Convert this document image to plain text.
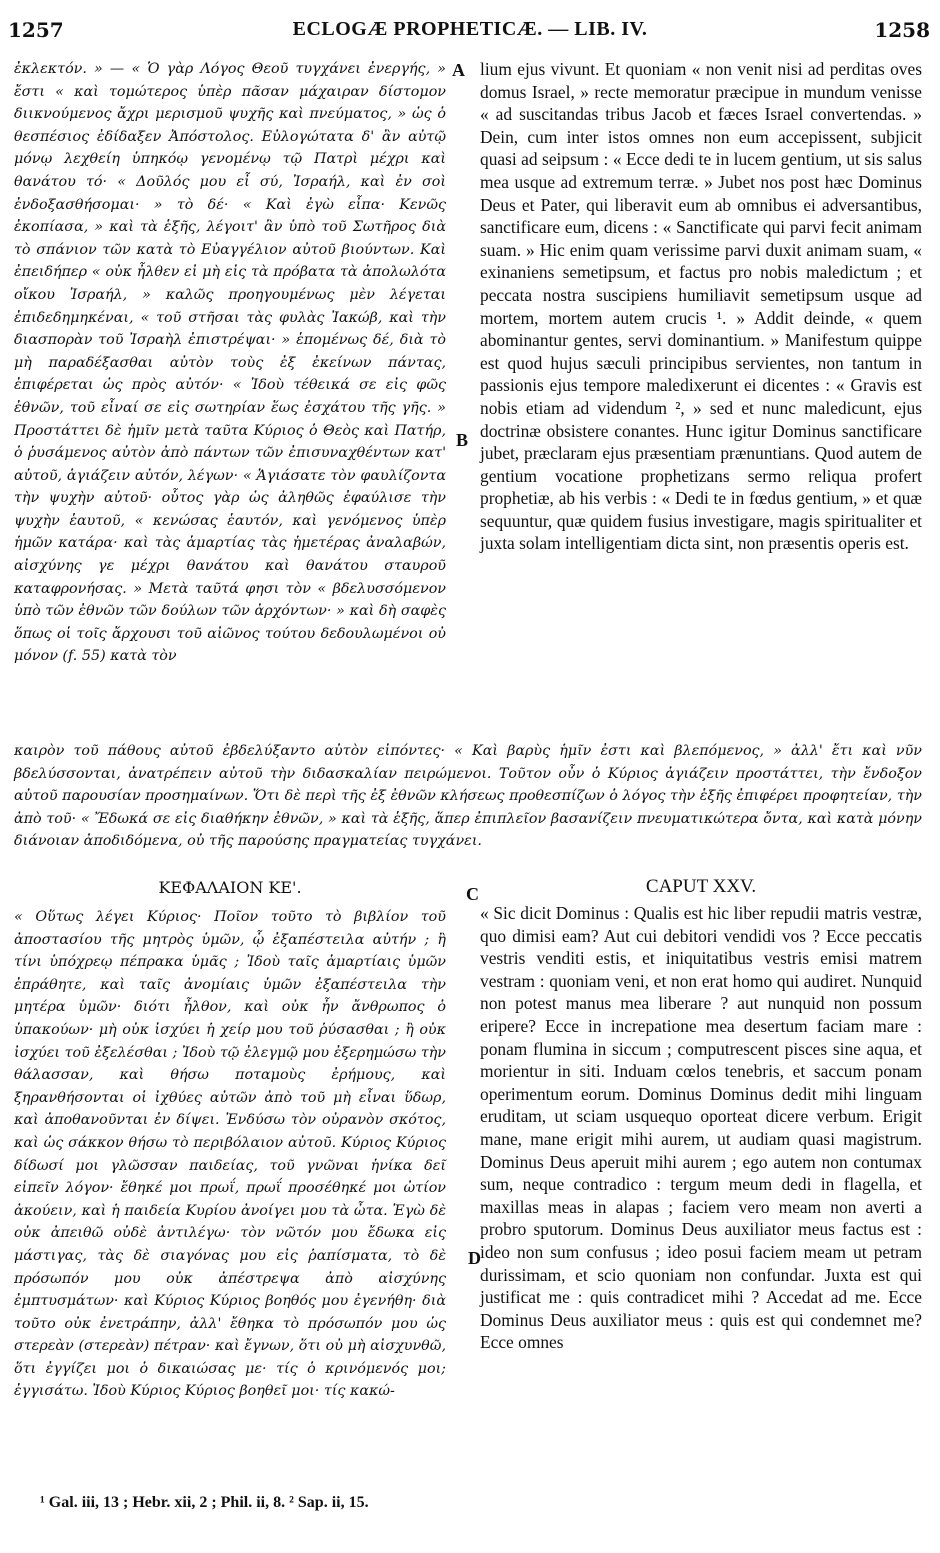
1257	ECLOGÆ PROPHETICÆ. — LIB. IV.	1258

ἐκλεκτόν. » — « Ὁ γὰρ Λόγος Θεοῦ τυγχάνει ἐνεργής, » ἔστι « καὶ τομώτερος ὑπὲρ πᾶσαν μάχαιραν δίστομον διικνούμενος ἄχρι μερισμοῦ ψυχῆς καὶ πνεύματος, » ὡς ὁ θεσπέσιος ἐδίδαξεν Ἀπόστολος. Εὐλογώτατα δ' ἂν αὐτῷ μόνῳ λεχθείη ὑπηκόῳ γενομένῳ τῷ Πατρὶ μέχρι καὶ θανάτου τό· « Δοῦλός μου εἶ σύ, Ἰσραήλ, καὶ ἐν σοὶ ἐνδοξασθήσομαι· » τὸ δέ· « Καὶ ἐγὼ εἶπα· Κενῶς ἐκοπίασα, » καὶ τὰ ἑξῆς, λέγοιτ' ἂν ὑπὸ τοῦ Σωτῆρος διὰ τὸ σπάνιον τῶν κατὰ τὸ Εὐαγγέλιον αὐτοῦ βιούντων. Καὶ ἐπειδήπερ « οὐκ ἦλθεν εἰ μὴ εἰς τὰ πρόβατα τὰ ἀπολωλότα οἴκου Ἰσραήλ, » καλῶς προηγουμένως μὲν λέγεται ἐπιδεδημηκέναι, « τοῦ στῆσαι τὰς φυλὰς Ἰακώβ, καὶ τὴν διασπορὰν τοῦ Ἰσραὴλ ἐπιστρέψαι· » ἑπομένως δέ, διὰ τὸ μὴ παραδέξασθαι αὐτὸν τοὺς ἐξ ἐκείνων πάντας, ἐπιφέρεται ὡς πρὸς αὐτόν· « Ἰδοὺ τέθεικά σε εἰς φῶς ἐθνῶν, τοῦ εἶναί σε εἰς σωτηρίαν ἕως ἐσχάτου τῆς γῆς. » Προστάττει δὲ ἡμῖν μετὰ ταῦτα Κύριος ὁ Θεὸς καὶ Πατήρ, ὁ ῥυσάμενος αὐτὸν ἀπὸ πάντων τῶν ἐπισυναχθέντων κατ' αὐτοῦ, ἁγιάζειν αὐτόν, λέγων· « Ἁγιάσατε τὸν φαυλίζοντα τὴν ψυχὴν αὐτοῦ· οὗτος γὰρ ὡς ἀληθῶς ἐφαύλισε τὴν ψυχὴν ἑαυτοῦ, « κενώσας ἑαυτόν, καὶ γενόμενος ὑπὲρ ἡμῶν κατάρα· καὶ τὰς ἁμαρτίας τὰς ἡμετέρας ἀναλαβών, αἰσχύνης γε μέχρι θανάτου καὶ θανάτου σταυροῦ καταφρονήσας. » Μετὰ ταῦτά φησι τὸν « βδελυσσόμενον ὑπὸ τῶν ἐθνῶν τῶν δούλων τῶν ἀρχόντων· » καὶ δὴ σαφὲς ὅπως οἱ τοῖς ἄρχουσι τοῦ αἰῶνος τούτου δεδουλωμένοι οὐ μόνον (f. 55) κατὰ τὸν

A
B

lium ejus vivunt. Et quoniam « non venit nisi ad perditas oves domus Israel, » recte memoratur præcipue in mundum venisse « ad suscitandas tribus Jacob et fæces Israel convertendas. » Dein, cum inter istos omnes non eum accepissent, subjicit quasi ad seipsum : « Ecce dedi te in lucem gentium, ut sis salus mea usque ad extremum terræ. » Jubet nos post hæc Dominus Deus et Pater, qui liberavit eum ab omnibus ei adversantibus, sanctificare eum, dicens : « Sanctificate qui parvi fecit animam suam. » Hic enim quam verissime parvi duxit animam suam, « exinaniens semetipsum, et factus pro nobis maledictum ; et peccata nostra suscipiens humiliavit semetipsum usque ad mortem, mortem autem crucis ¹. » Addit deinde, « quem abominantur gentes, servi dominantium. » Manifestum quippe est quod hujus sæculi principibus servientes, non tantum in passionis ejus tempore maledixerunt ei dicentes : « Gravis est nobis etiam ad videndum ², » sed et nunc maledicunt, ejus doctrinæ obsistere conantes. Hunc igitur Dominus sanctificare jubet, præclaram ejus præsentiam prænuntians. Quod autem de gentium vocatione prophetizans sermo reliqua profert prophetiæ, ab his verbis : « Dedi te in fœdus gentium, » et quæ sequuntur, quæ quidem fusius investigare, magis spiritualiter et juxta solam intelligentiam dicta sint, non præsentis operis est.

καιρὸν τοῦ πάθους αὐτοῦ ἐβδελύξαντο αὐτὸν εἰπόντες· « Καὶ βαρὺς ἡμῖν ἐστι καὶ βλεπόμενος, » ἀλλ' ἔτι καὶ νῦν βδελύσσονται, ἀνατρέπειν αὐτοῦ τὴν διδασκαλίαν πειρώμενοι. Τοῦτον οὖν ὁ Κύριος ἁγιάζειν προστάττει, τὴν ἔνδοξον αὐτοῦ παρουσίαν προσημαίνων. Ὅτι δὲ περὶ τῆς ἐξ ἐθνῶν κλήσεως προθεσπίζων ὁ λόγος τὴν ἑξῆς ἐπιφέρει προφητείαν, τὴν ἀπὸ τοῦ· « Ἔδωκά σε εἰς διαθήκην ἐθνῶν, » καὶ τὰ ἑξῆς, ἅπερ ἐπιπλεῖον βασανίζειν πνευματικώτερα ὄντα, καὶ κατὰ μόνην διάνοιαν ἀποδιδόμενα, οὐ τῆς παρούσης πραγματείας τυγχάνει.

ΚΕΦΑΛΑΙΟΝ ΚΕ'.	C	CAPUT XXV.

« Οὕτως λέγει Κύριος· Ποῖον τοῦτο τὸ βιβλίον τοῦ ἀποστασίου τῆς μητρὸς ὑμῶν, ᾧ ἐξαπέστειλα αὐτήν ; ἢ τίνι ὑπόχρεῳ πέπρακα ὑμᾶς ; Ἰδοὺ ταῖς ἁμαρτίαις ὑμῶν ἐπράθητε, καὶ ταῖς ἀνομίαις ὑμῶν ἐξαπέστειλα τὴν μητέρα ὑμῶν· διότι ἦλθον, καὶ οὐκ ἦν ἄνθρωπος ὁ ὑπακούων· μὴ οὐκ ἰσχύει ἡ χείρ μου τοῦ ῥύσασθαι ; ἢ οὐκ ἰσχύει τοῦ ἐξελέσθαι ; Ἰδοὺ τῷ ἐλεγμῷ μου ἐξερημώσω τὴν θάλασσαν, καὶ θήσω ποταμοὺς ἐρήμους, καὶ ξηρανθήσονται οἱ ἰχθύες αὐτῶν ἀπὸ τοῦ μὴ εἶναι ὕδωρ, καὶ ἀποθανοῦνται ἐν δίψει. Ἐνδύσω τὸν οὐρανὸν σκότος, καὶ ὡς σάκκον θήσω τὸ περιβόλαιον αὐτοῦ. Κύριος Κύριος δίδωσί μοι γλῶσσαν παιδείας, τοῦ γνῶναι ἡνίκα δεῖ εἰπεῖν λόγον· ἔθηκέ μοι πρωΐ, πρωΐ προσέθηκέ μοι ὠτίον ἀκούειν, καὶ ἡ παιδεία Κυρίου ἀνοίγει μου τὰ ὦτα. Ἐγὼ δὲ οὐκ ἀπειθῶ οὐδὲ ἀντιλέγω· τὸν νῶτόν μου ἔδωκα εἰς μάστιγας, τὰς δὲ σιαγόνας μου εἰς ῥαπίσματα, τὸ δὲ πρόσωπόν μου οὐκ ἀπέστρεψα ἀπὸ αἰσχύνης ἐμπτυσμάτων· καὶ Κύριος Κύριος βοηθός μου ἐγενήθη· διὰ τοῦτο οὐκ ἐνετράπην, ἀλλ' ἔθηκα τὸ πρόσωπόν μου ὡς στερεὰν (στερεὰν) πέτραν· καὶ ἔγνων, ὅτι οὐ μὴ αἰσχυνθῶ, ὅτι ἐγγίζει μοι ὁ δικαιώσας με· τίς ὁ κρινόμενός μοι; ἐγγισάτω. Ἰδοὺ Κύριος Κύριος βοηθεῖ μοι· τίς κακώ-

D

« Sic dicit Dominus : Qualis est hic liber repudii matris vestræ, quo dimisi eam? Aut cui debitori vendidi vos ? Ecce peccatis vestris venditi estis, et iniquitatibus vestris emisi matrem vestram : quoniam veni, et non erat homo qui audiret. Nunquid non potest manus mea liberare ? aut nunquid non possum eripere? Ecce in increpatione mea desertum faciam mare : ponam flumina in siccum ; computrescent pisces sine aqua, et morientur in siti. Induam cœlos tenebris, et saccum ponam operimentum eorum. Dominus Dominus dedit mihi linguam eruditam, ut sciam usquequo oporteat dicere verbum. Erigit mane, mane erigit mihi aurem, ut audiam quasi magistrum. Dominus Deus aperuit mihi aurem ; ego autem non contumax sum, neque contradico : tergum meum dedi in flagella, et maxillas meas in alapas ; faciem vero meam non averti a probro sputorum. Dominus Deus auxiliator meus factus est : ideo non sum confusus ; ideo posui faciem meam ut petram durissimam, et scio quoniam non confundar. Juxta est qui justificat me : quis contradicet mihi ? Accedat ad me. Ecce Dominus Deus auxiliator meus : quis est qui condemnet me? Ecce omnes

¹ Gal. iii, 13 ; Hebr. xii, 2 ; Phil. ii, 8. ² Sap. ii, 15.
